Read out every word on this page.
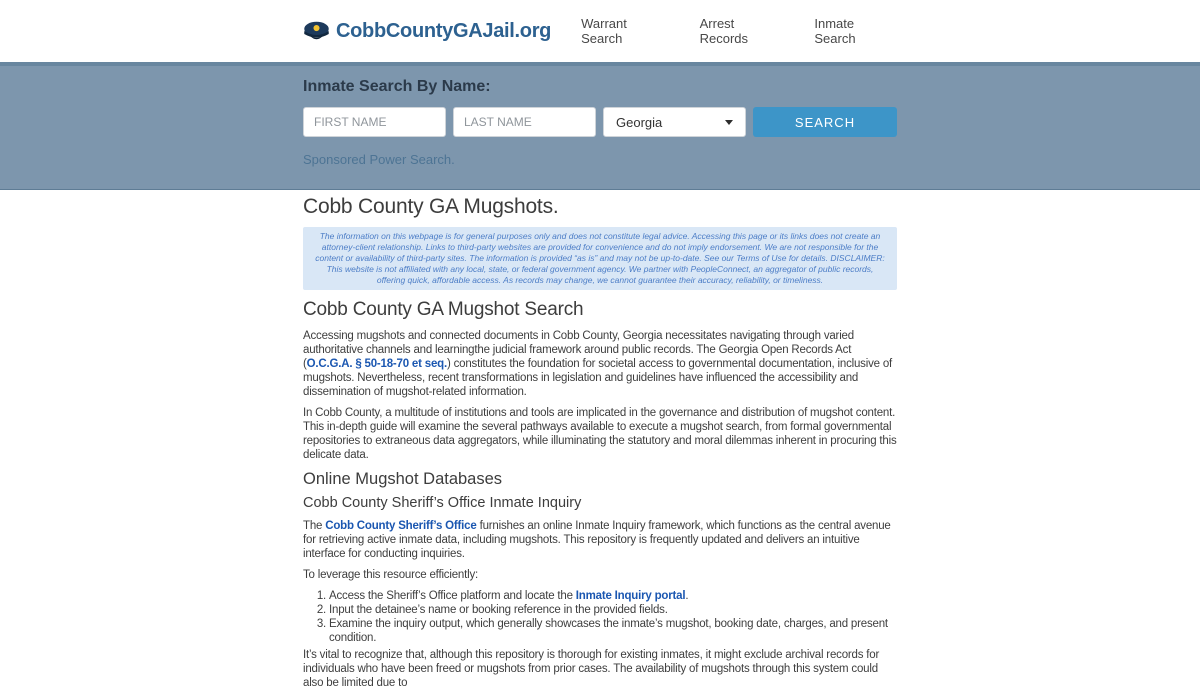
CobbCountyGAJail.org Warrant Search
Arrest Records
Inmate Search
Inmate Search By Name:
FIRST NAME
LAST NAME
Georgia	SEARCH
Sponsored Power Search.
Cobb County GA Mugshots.
The information on this webpage is for general purposes only and does not constitute legal advice. Accessing this page or its links does not create an attorney-client relationship. Links to third-party websites are provided for convenience and do not imply endorsement. We are not responsible for the content or availability of third-party sites. The information is provided “as is” and may not be up-to-date. See our Terms of Use for details. DISCLAIMER: This website is not affiliated with any local, state, or federal government agency. We partner with PeopleConnect, an aggregator of public records, offering quick, affordable access. As records may change, we cannot guarantee their accuracy, reliability, or timeliness.
Cobb County GA Mugshot Search

Accessing mugshots and connected documents in Cobb County, Georgia necessitates navigating through varied authoritative channels and learningthe judicial framework around public records. The Georgia Open Records Act (O.C.G.A. § 50-18-70 et seq.) constitutes the foundation for societal access to governmental documentation, inclusive of mugshots. Nevertheless, recent transformations in legislation and guidelines have influenced the accessibility and dissemination of mugshot-related information.

In Cobb County, a multitude of institutions and tools are implicated in the governance and distribution of mugshot content. This in-depth guide will examine the several pathways available to execute a mugshot search, from formal governmental repositories to extraneous data aggregators, while illuminating the statutory and moral dilemmas inherent in procuring this delicate data.

Online Mugshot Databases
Cobb County Sheriff’s Office Inmate Inquiry

The Cobb County Sheriff’s Office furnishes an online Inmate Inquiry framework, which functions as the central avenue for retrieving active inmate data, including mugshots. This repository is frequently updated and delivers an intuitive interface for conducting inquiries.

To leverage this resource efficiently:

1. Access the Sheriff’s Office platform and locate the Inmate Inquiry portal.
2. Input the detainee’s name or booking reference in the provided fields.
3. Examine the inquiry output, which generally showcases the inmate’s mugshot, booking date, charges, and present condition.

It’s vital to recognize that, although this repository is thorough for existing inmates, it might exclude archival records for individuals who have been freed or mugshots from prior cases. The availability of mugshots through this system could also be limited due to
